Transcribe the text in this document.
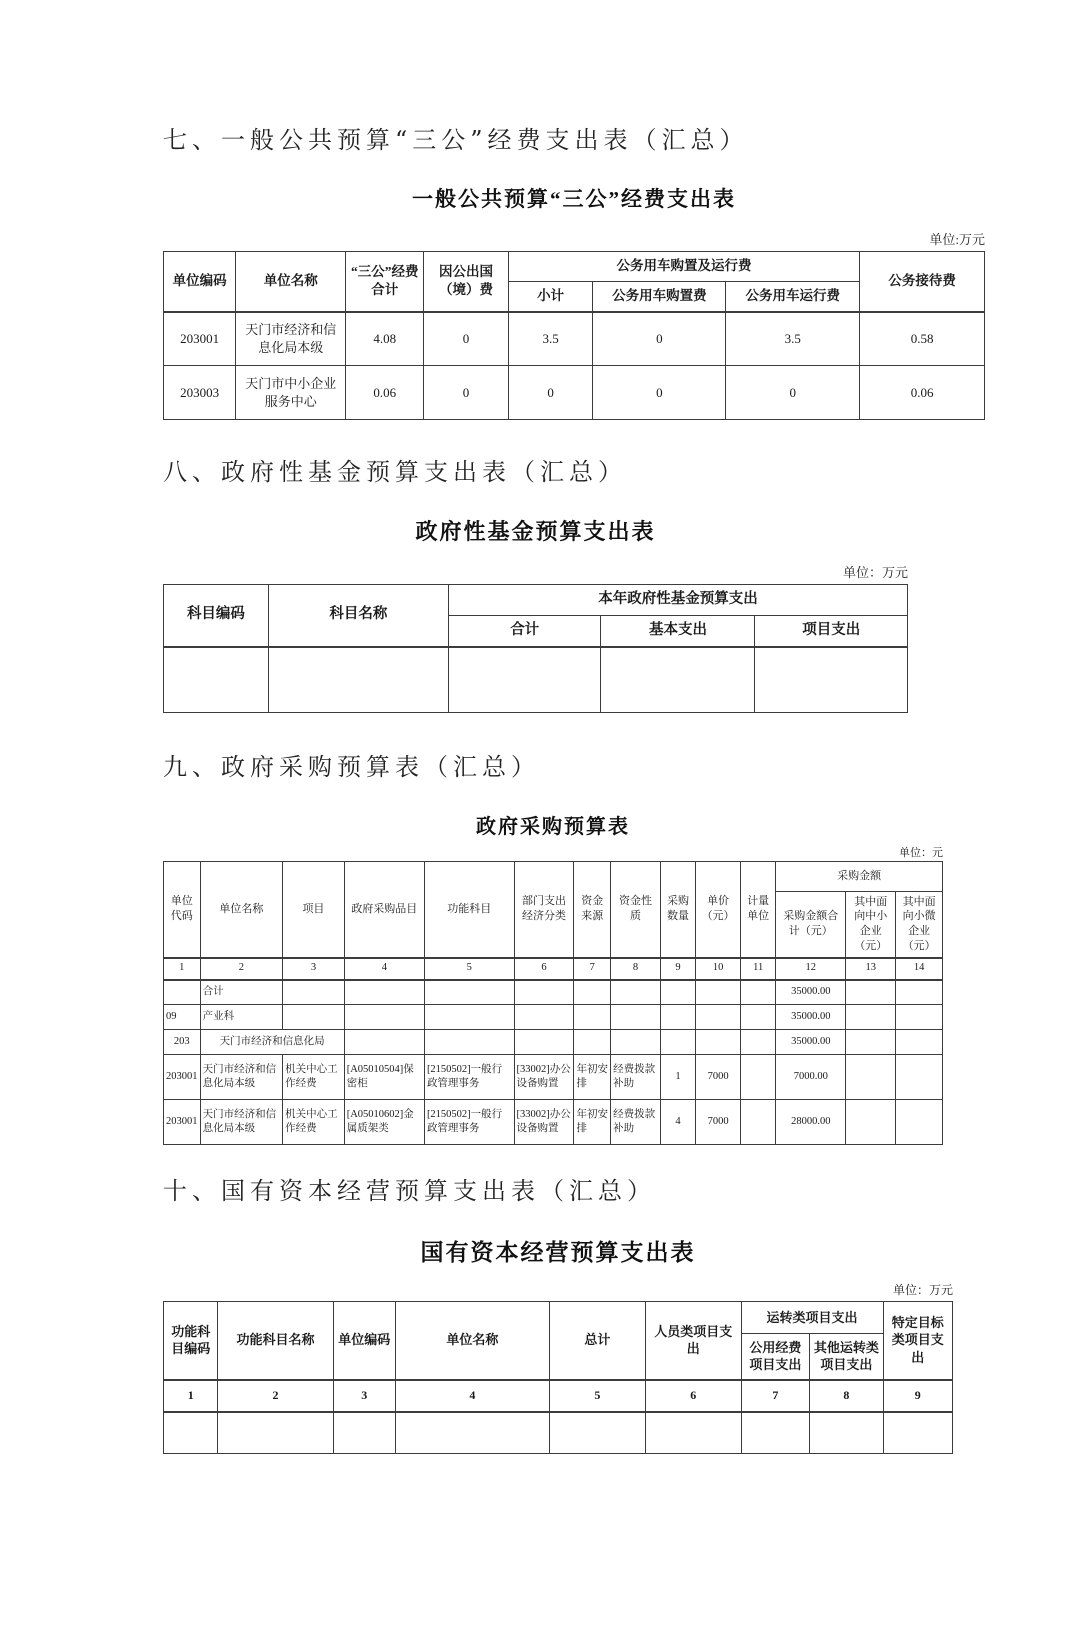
七、一般公共预算“三公”经费支出表（汇总）
一般公共预算“三公”经费支出表
单位:万元
单位编码	单位名称	“三公”经费合计	因公出国（境）费	公务用车购置及运行费			公务接待费
				小计	公务用车购置费	公务用车运行费	
203001	天门市经济和信息化局本级	4.08	0	3.5	0	3.5	0.58
203003	天门市中小企业服务中心	0.06	0	0	0	0	0.06
八、政府性基金预算支出表（汇总）
政府性基金预算支出表
单位：万元
科目编码	科目名称	本年政府性基金预算支出		
		合计	基本支出	项目支出

九、政府采购预算表（汇总）
政府采购预算表
单位：元
单位代码	单位名称	项目	政府采购品目	功能科目	部门支出经济分类	资金来源	资金性质	采购数量	单价（元）	计量单位	采购金额		
											采购金额合计（元）	其中面向中小企业（元）	其中面向小微企业（元）
1	2	3	4	5	6	7	8	9	10	11	12	13	14
	合计										35000.00		
09	产业科										35000.00		
203	天门市经济和信息化局										35000.00		
203001	天门市经济和信息化局本级	机关中心工作经费	[A05010504]保密柜	[2150502]一般行政管理事务	[33002]办公设备购置	年初安排	经费拨款补助	1	7000		7000.00		
203001	天门市经济和信息化局本级	机关中心工作经费	[A05010602]金属质架类	[2150502]一般行政管理事务	[33002]办公设备购置	年初安排	经费拨款补助	4	7000		28000.00		
十、国有资本经营预算支出表（汇总）
国有资本经营预算支出表
单位：万元
功能科目编码	功能科目名称	单位编码	单位名称	总计	人员类项目支出	运转类项目支出		特定目标类项目支出
						公用经费项目支出	其他运转类项目支出	
1	2	3	4	5	6	7	8	9
